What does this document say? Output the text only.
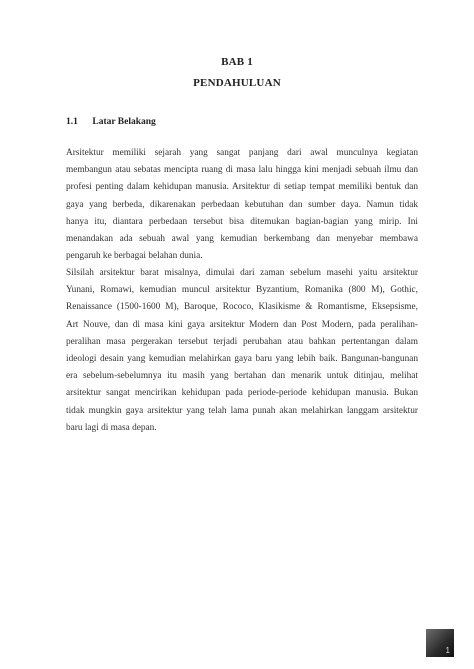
BAB 1
PENDAHULUAN
1.1 Latar Belakang
Arsitektur memiliki sejarah yang sangat panjang dari awal munculnya kegiatan
membangun atau sebatas mencipta ruang di masa lalu hingga kini menjadi sebuah ilmu dan
profesi penting dalam kehidupan manusia. Arsitektur di setiap tempat memiliki bentuk dan
gaya yang berbeda, dikarenakan perbedaan kebutuhan dan sumber daya. Namun tidak
hanya itu, diantara perbedaan tersebut bisa ditemukan bagian-bagian yang mirip. Ini
menandakan ada sebuah awal yang kemudian berkembang dan menyebar membawa
pengaruh ke berbagai belahan dunia.
Silsilah arsitektur barat misalnya, dimulai dari zaman sebelum masehi yaitu arsitektur
Yunani, Romawi, kemudian muncul arsitektur Byzantium, Romanika (800 M), Gothic,
Renaissance (1500-1600 M), Baroque, Rococo, Klasikisme & Romantisme, Eksepsisme,
Art Nouve, dan di masa kini gaya arsitektur Modern dan Post Modern, pada peralihan-
peralihan masa pergerakan tersebut terjadi perubahan atau bahkan pertentangan dalam
ideologi desain yang kemudian melahirkan gaya baru yang lebih baik. Bangunan-bangunan
era sebelum-sebelumnya itu masih yang bertahan dan menarik untuk ditinjau, melihat
arsitektur sangat mencirikan kehidupan pada periode-periode kehidupan manusia. Bukan
tidak mungkin gaya arsitektur yang telah lama punah akan melahirkan langgam arsitektur
baru lagi di masa depan.
1
